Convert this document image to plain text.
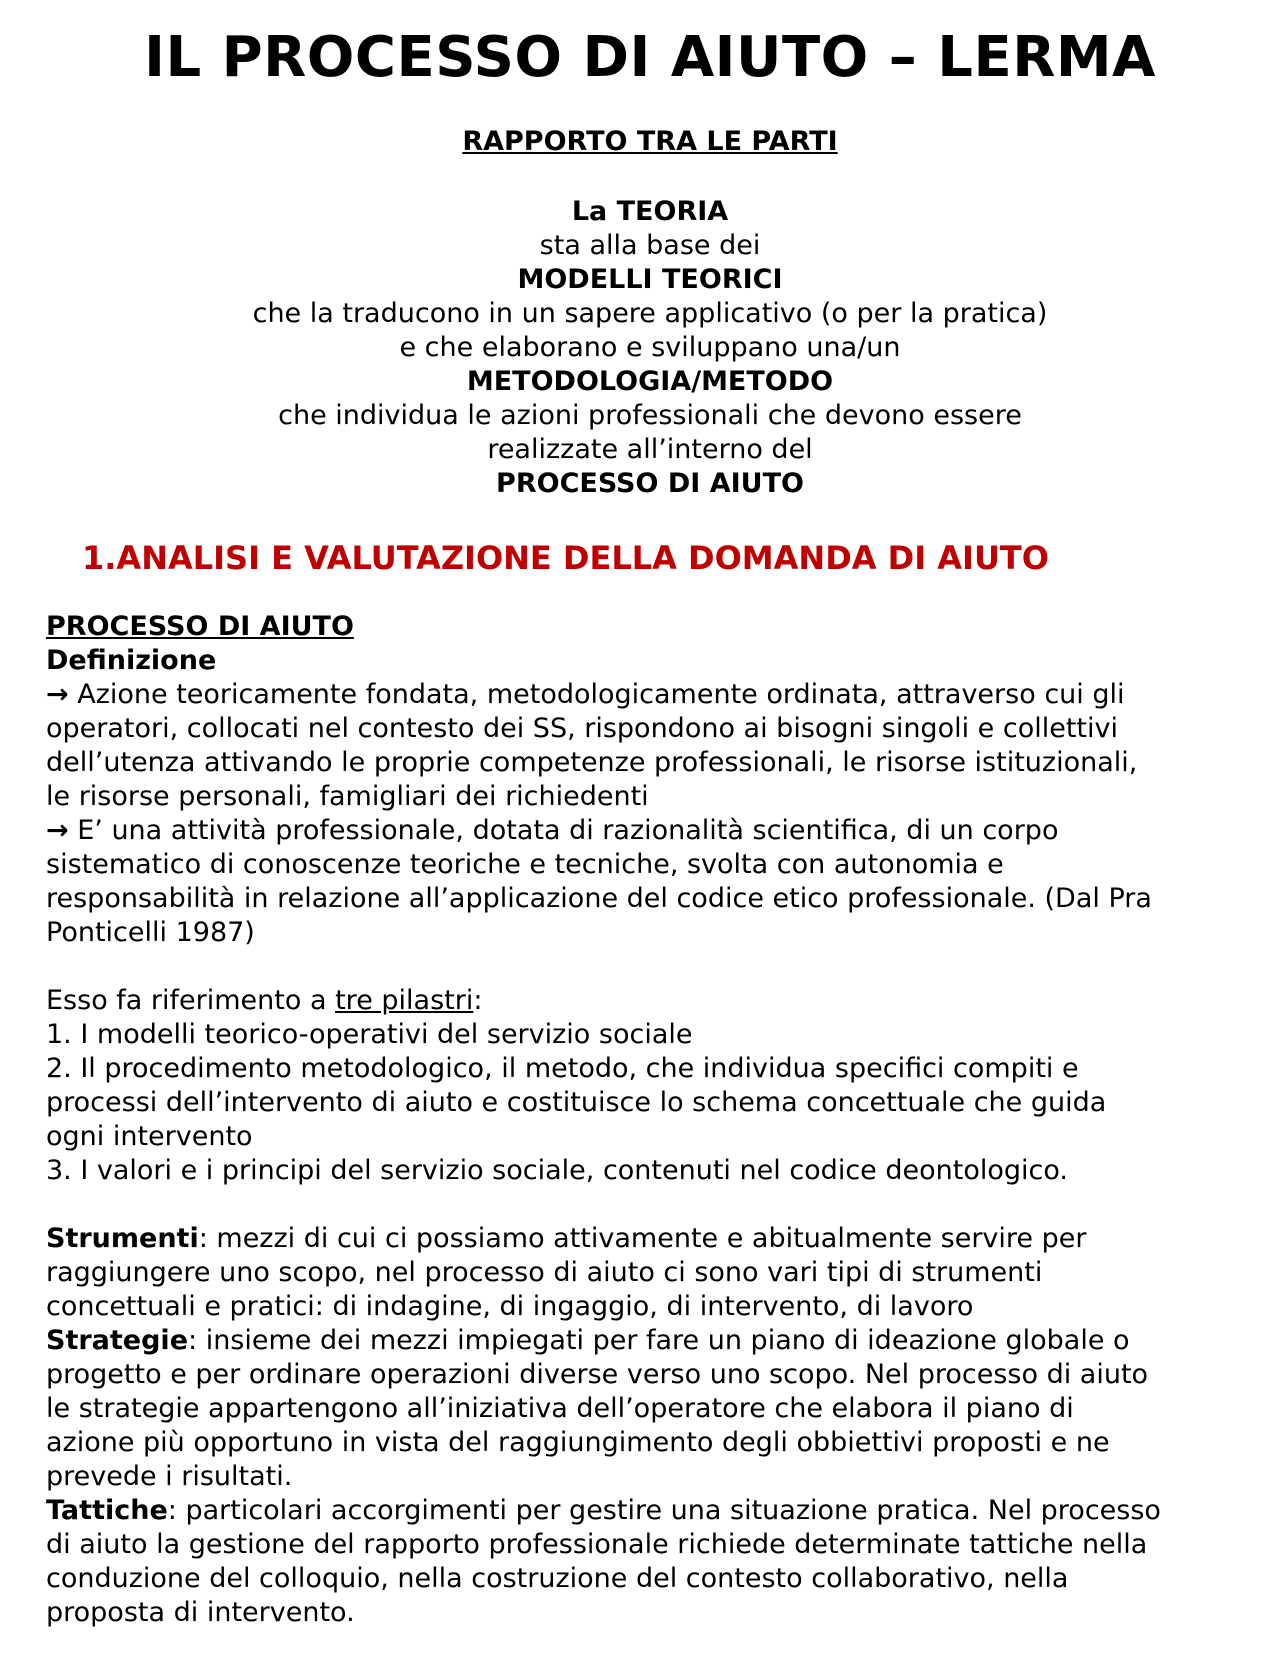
IL PROCESSO DI AIUTO – LERMA
RAPPORTO TRA LE PARTI
La TEORIA
sta alla base dei
MODELLI TEORICI
che la traducono in un sapere applicativo (o per la pratica)
e che elaborano e sviluppano una/un
METODOLOGIA/METODO
che individua le azioni professionali che devono essere
realizzate all’interno del
PROCESSO DI AIUTO
1.ANALISI E VALUTAZIONE DELLA DOMANDA DI AIUTO
PROCESSO DI AIUTO
Definizione
→ Azione teoricamente fondata, metodologicamente ordinata, attraverso cui gli
operatori, collocati nel contesto dei SS, rispondono ai bisogni singoli e collettivi
dell’utenza attivando le proprie competenze professionali, le risorse istituzionali,
le risorse personali, famigliari dei richiedenti
→ E’ una attività professionale, dotata di razionalità scientifica, di un corpo
sistematico di conoscenze teoriche e tecniche, svolta con autonomia e
responsabilità in relazione all’applicazione del codice etico professionale. (Dal Pra
Ponticelli 1987)
Esso fa riferimento a tre pilastri:
1. I modelli teorico-operativi del servizio sociale
2. Il procedimento metodologico, il metodo, che individua specifici compiti e
processi dell’intervento di aiuto e costituisce lo schema concettuale che guida
ogni intervento
3. I valori e i principi del servizio sociale, contenuti nel codice deontologico.
Strumenti: mezzi di cui ci possiamo attivamente e abitualmente servire per
raggiungere uno scopo, nel processo di aiuto ci sono vari tipi di strumenti
concettuali e pratici: di indagine, di ingaggio, di intervento, di lavoro
Strategie: insieme dei mezzi impiegati per fare un piano di ideazione globale o
progetto e per ordinare operazioni diverse verso uno scopo. Nel processo di aiuto
le strategie appartengono all’iniziativa dell’operatore che elabora il piano di
azione più opportuno in vista del raggiungimento degli obbiettivi proposti e ne
prevede i risultati.
Tattiche: particolari accorgimenti per gestire una situazione pratica. Nel processo
di aiuto la gestione del rapporto professionale richiede determinate tattiche nella
conduzione del colloquio, nella costruzione del contesto collaborativo, nella
proposta di intervento.
